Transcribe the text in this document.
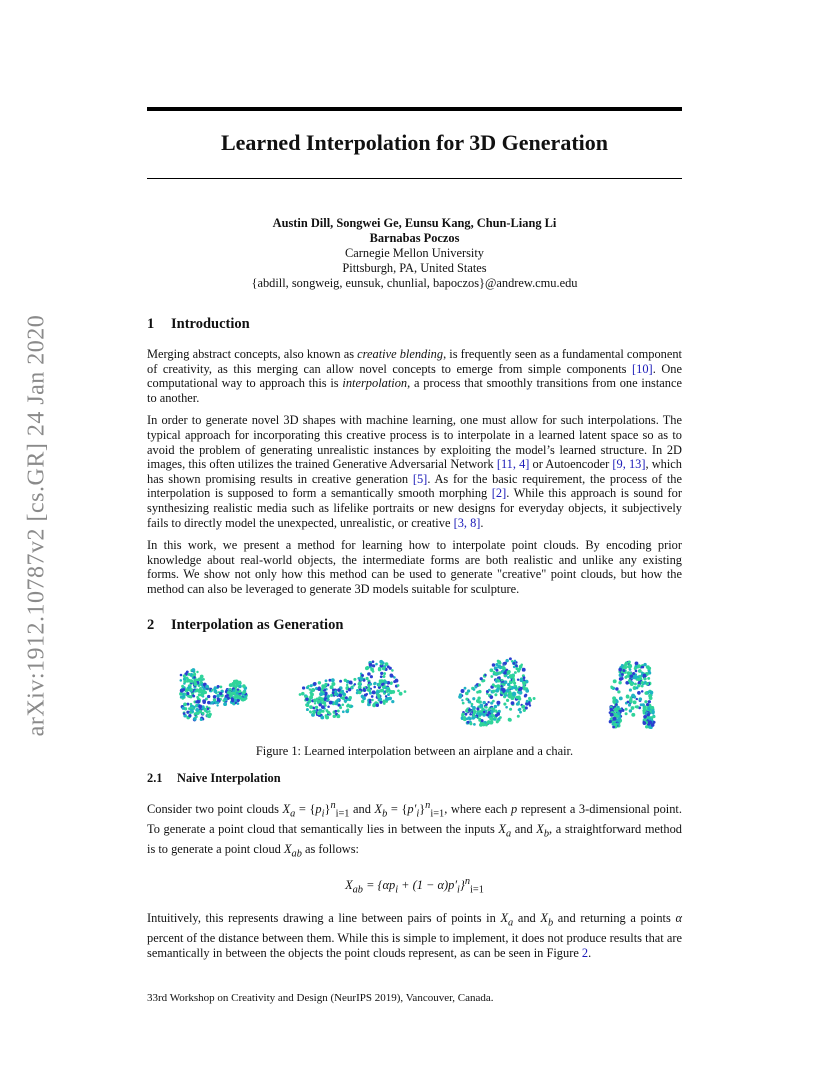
arXiv:1912.10787v2 [cs.GR] 24 Jan 2020
Learned Interpolation for 3D Generation
Austin Dill, Songwei Ge, Eunsu Kang, Chun-Liang Li
Barnabas Poczos
Carnegie Mellon University
Pittsburgh, PA, United States
{abdill, songweig, eunsuk, chunlial, bapoczos}@andrew.cmu.edu
1 Introduction

Merging abstract concepts, also known as creative blending, is frequently seen as a fundamental component of creativity, as this merging can allow novel concepts to emerge from simple components [10]. One computational way to approach this is interpolation, a process that smoothly transitions from one instance to another.

In order to generate novel 3D shapes with machine learning, one must allow for such interpolations. The typical approach for incorporating this creative process is to interpolate in a learned latent space so as to avoid the problem of generating unrealistic instances by exploiting the model’s learned structure. In 2D images, this often utilizes the trained Generative Adversarial Network [11, 4] or Autoencoder [9, 13], which has shown promising results in creative generation [5]. As for the basic requirement, the process of the interpolation is supposed to form a semantically smooth morphing [2]. While this approach is sound for synthesizing realistic media such as lifelike portraits or new designs for everyday objects, it subjectively fails to directly model the unexpected, unrealistic, or creative [3, 8].

In this work, we present a method for learning how to interpolate point clouds. By encoding prior knowledge about real-world objects, the intermediate forms are both realistic and unlike any existing forms. We show not only how this method can be used to generate "creative" point clouds, but how the method can also be leveraged to generate 3D models suitable for sculpture.

2 Interpolation as Generation
Figure 1: Learned interpolation between an airplane and a chair.
2.1 Naive Interpolation

Consider two point clouds $X_a = \{p_i\}^n_{i=1}$ and $X_b = \{p'_i\}^n_{i=1}$, where each p represent a 3-dimensional point. To generate a point cloud that semantically lies in between the inputs $X_a$ and $X_b$, a straightforward method is to generate a point cloud $X_{ab}$ as follows:

$X_{ab} = \{\alpha p_i + (1 - \alpha)p'_i\}^n_{i=1}$

Intuitively, this represents drawing a line between pairs of points in $X_a$ and $X_b$ and returning a points α percent of the distance between them. While this is simple to implement, it does not produce results that are semantically in between the objects the point clouds represent, as can be seen in Figure 2.

33rd Workshop on Creativity and Design (NeurIPS 2019), Vancouver, Canada.
